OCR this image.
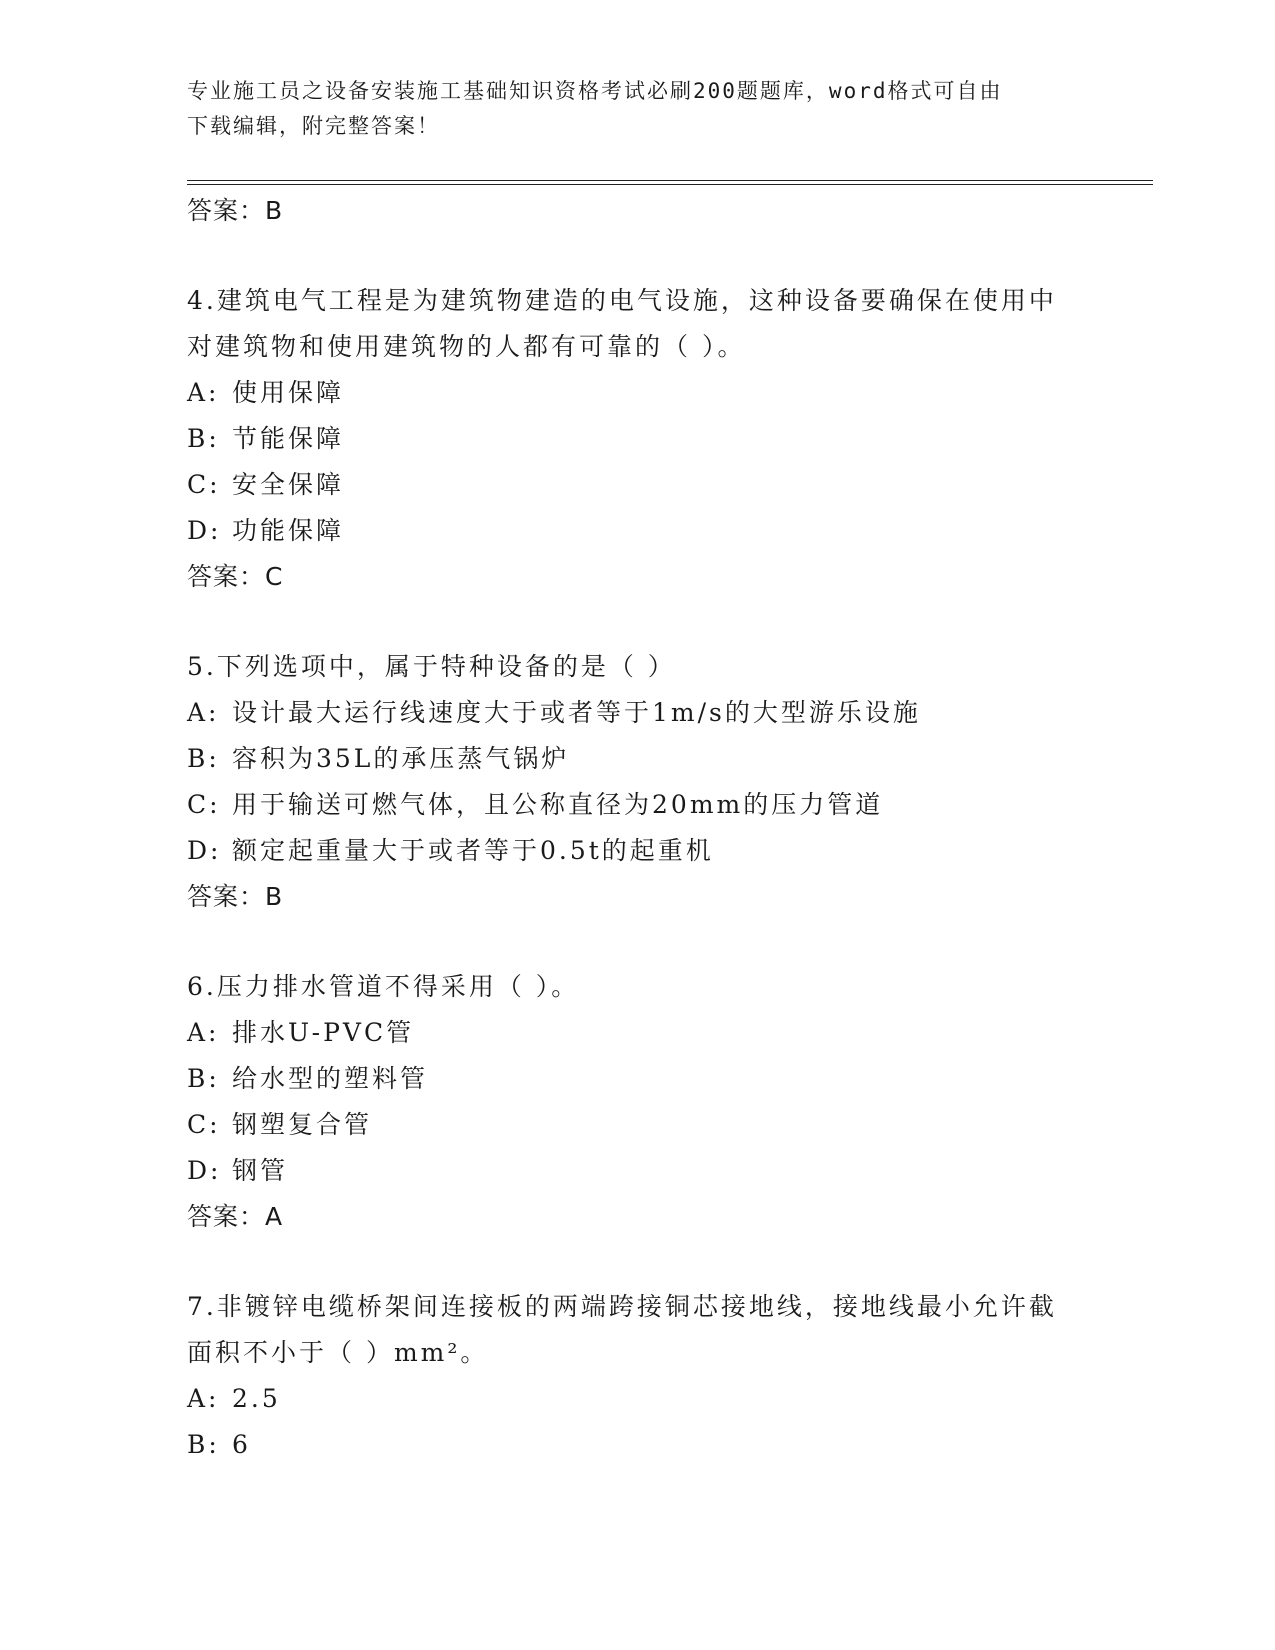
专业施工员之设备安装施工基础知识资格考试必刷200题题库，word格式可自由
下载编辑，附完整答案！
答案：B
4.建筑电气工程是为建筑物建造的电气设施，这种设备要确保在使用中对建筑物和使用建筑物的人都有可靠的（ ）。
A: 使用保障
B: 节能保障
C: 安全保障
D: 功能保障
答案：C
5.下列选项中，属于特种设备的是（ ）
A: 设计最大运行线速度大于或者等于1m/s的大型游乐设施
B: 容积为35L的承压蒸气锅炉
C: 用于输送可燃气体，且公称直径为20mm的压力管道
D: 额定起重量大于或者等于0.5t的起重机
答案：B
6.压力排水管道不得采用（ ）。
A: 排水U-PVC管
B: 给水型的塑料管
C: 钢塑复合管
D: 钢管
答案：A
7.非镀锌电缆桥架间连接板的两端跨接铜芯接地线，接地线最小允许截面积不小于（ ）mm²。
A: 2.5
B: 6
